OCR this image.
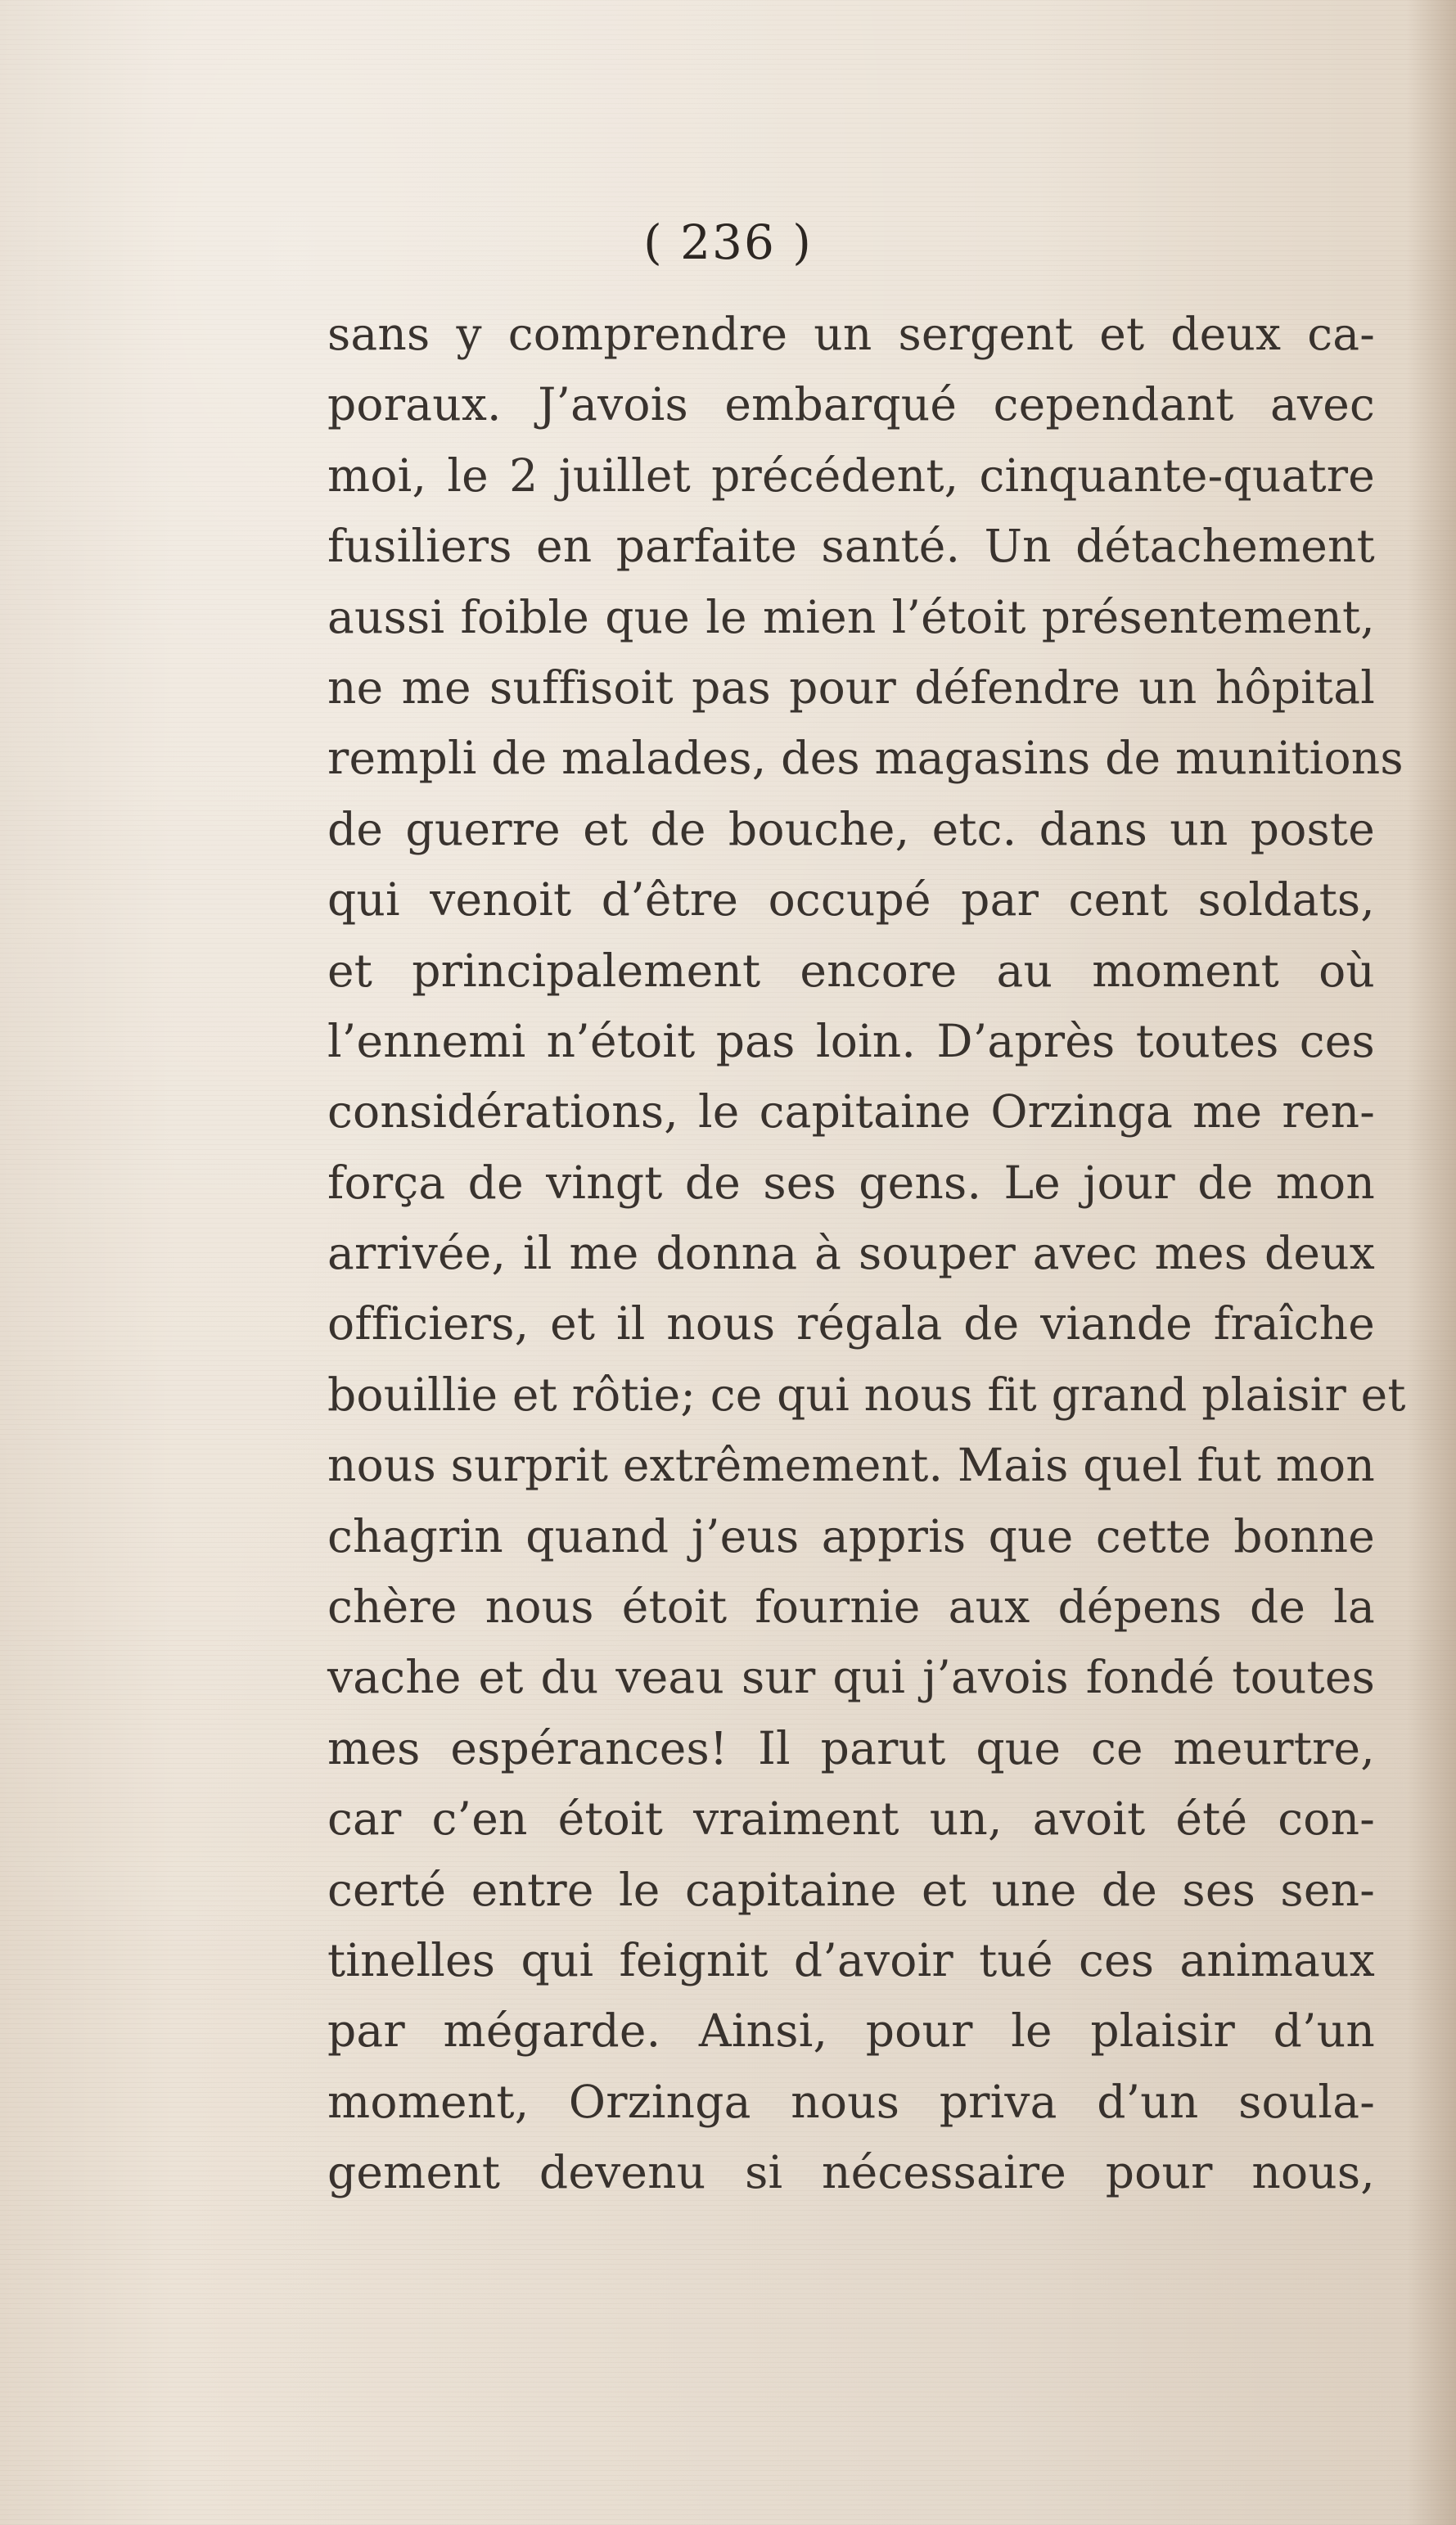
( 236 )
sans y comprendre un sergent et deux ca-
poraux. J’avois embarqué cependant avec
moi, le 2 juillet précédent, cinquante-quatre
fusiliers en parfaite santé. Un détachement
aussi foible que le mien l’étoit présentement,
ne me suffisoit pas pour défendre un hôpital
rempli de malades, des magasins de munitions
de guerre et de bouche, etc. dans un poste
qui venoit d’être occupé par cent soldats,
et principalement encore au moment où
l’ennemi n’étoit pas loin. D’après toutes ces
considérations, le capitaine Orzinga me ren-
força de vingt de ses gens. Le jour de mon
arrivée, il me donna à souper avec mes deux
officiers, et il nous régala de viande fraîche
bouillie et rôtie; ce qui nous fit grand plaisir et
nous surprit extrêmement. Mais quel fut mon
chagrin quand j’eus appris que cette bonne
chère nous étoit fournie aux dépens de la
vache et du veau sur qui j’avois fondé toutes
mes espérances! Il parut que ce meurtre,
car c’en étoit vraiment un, avoit été con-
certé entre le capitaine et une de ses sen-
tinelles qui feignit d’avoir tué ces animaux
par mégarde. Ainsi, pour le plaisir d’un
moment, Orzinga nous priva d’un soula-
gement devenu si nécessaire pour nous,
